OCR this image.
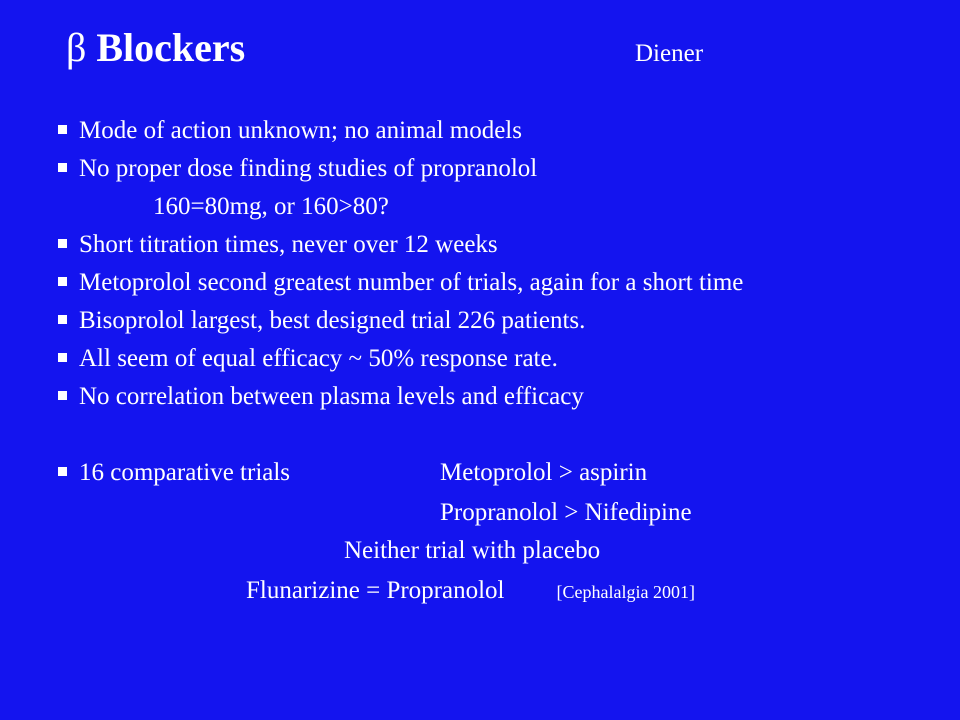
β Blockers	Diener
Mode of action unknown; no animal models
No proper dose finding studies of propranolol
160=80mg, or 160>80?
Short titration times, never over 12 weeks
Metoprolol second greatest number of trials, again for a short time
Bisoprolol largest, best designed trial 226 patients.
All seem of equal efficacy ~ 50% response rate.
No correlation between plasma levels and efficacy
16 comparative trials	Metoprolol > aspirin
Propranolol > Nifedipine
Neither trial with placebo
Flunarizine = Propranolol	[Cephalalgia 2001]
